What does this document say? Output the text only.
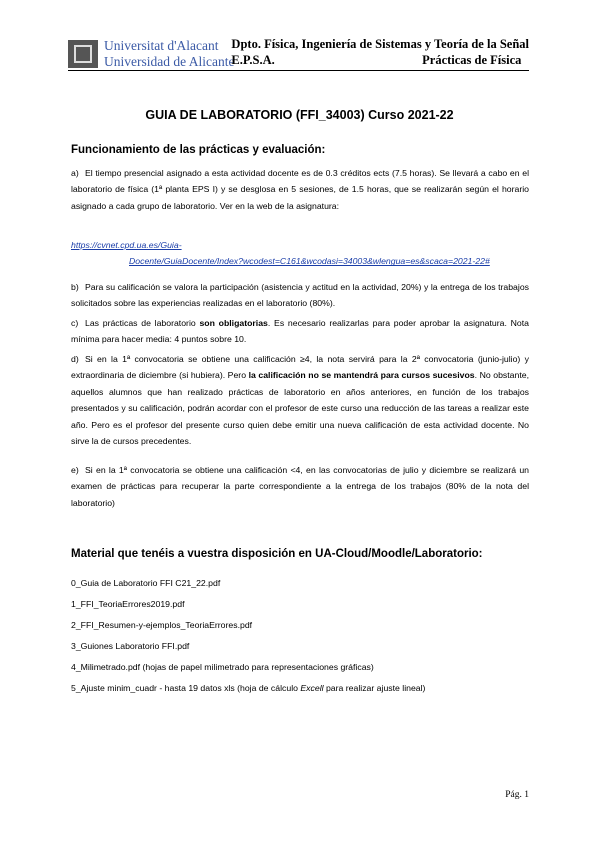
Universitat d'Alacant
Universidad de Alicante
Dpto. Física, Ingeniería de Sistemas y Teoría de la Señal
E.P.S.A.	Prácticas de Física
GUIA DE LABORATORIO (FFI_34003) Curso 2021-22
Funcionamiento de las prácticas y evaluación:
a) El tiempo presencial asignado a esta actividad docente es de 0.3 créditos ects (7.5 horas). Se llevará a cabo en el laboratorio de física (1ª planta EPS I) y se desglosa en 5 sesiones, de 1.5 horas, que se realizarán según el horario asignado a cada grupo de laboratorio. Ver en la web de la asignatura:
https://cvnet.cpd.ua.es/Guia-
Docente/GuiaDocente/Index?wcodest=C161&wcodasi=34003&wlengua=es&scaca=2021-22#
b) Para su calificación se valora la participación (asistencia y actitud en la actividad, 20%) y la entrega de los trabajos solicitados sobre las experiencias realizadas en el laboratorio (80%).
c) Las prácticas de laboratorio son obligatorias. Es necesario realizarlas para poder aprobar la asignatura. Nota mínima para hacer media: 4 puntos sobre 10.
d) Si en la 1ª convocatoria se obtiene una calificación ≥4, la nota servirá para la 2ª convocatoria (junio-julio) y extraordinaria de diciembre (si hubiera). Pero la calificación no se mantendrá para cursos sucesivos. No obstante, aquellos alumnos que han realizado prácticas de laboratorio en años anteriores, en función de los trabajos presentados y su calificación, podrán acordar con el profesor de este curso una reducción de las tareas a realizar este año. Pero es el profesor del presente curso quien debe emitir una nueva calificación de esta actividad docente. No sirve la de cursos precedentes.
e) Si en la 1ª convocatoria se obtiene una calificación <4, en las convocatorias de julio y diciembre se realizará un examen de prácticas para recuperar la parte correspondiente a la entrega de los trabajos (80% de la nota del laboratorio)
Material que tenéis a vuestra disposición en UA-Cloud/Moodle/Laboratorio:
0_Guia de Laboratorio FFI C21_22.pdf
1_FFI_TeoriaErrores2019.pdf
2_FFI_Resumen-y-ejemplos_TeoriaErrores.pdf
3_Guiones Laboratorio FFI.pdf
4_Milimetrado.pdf (hojas de papel milimetrado para representaciones gráficas)
5_Ajuste minim_cuadr - hasta 19 datos xls (hoja de cálculo Excell para realizar ajuste lineal)
Pág. 1
